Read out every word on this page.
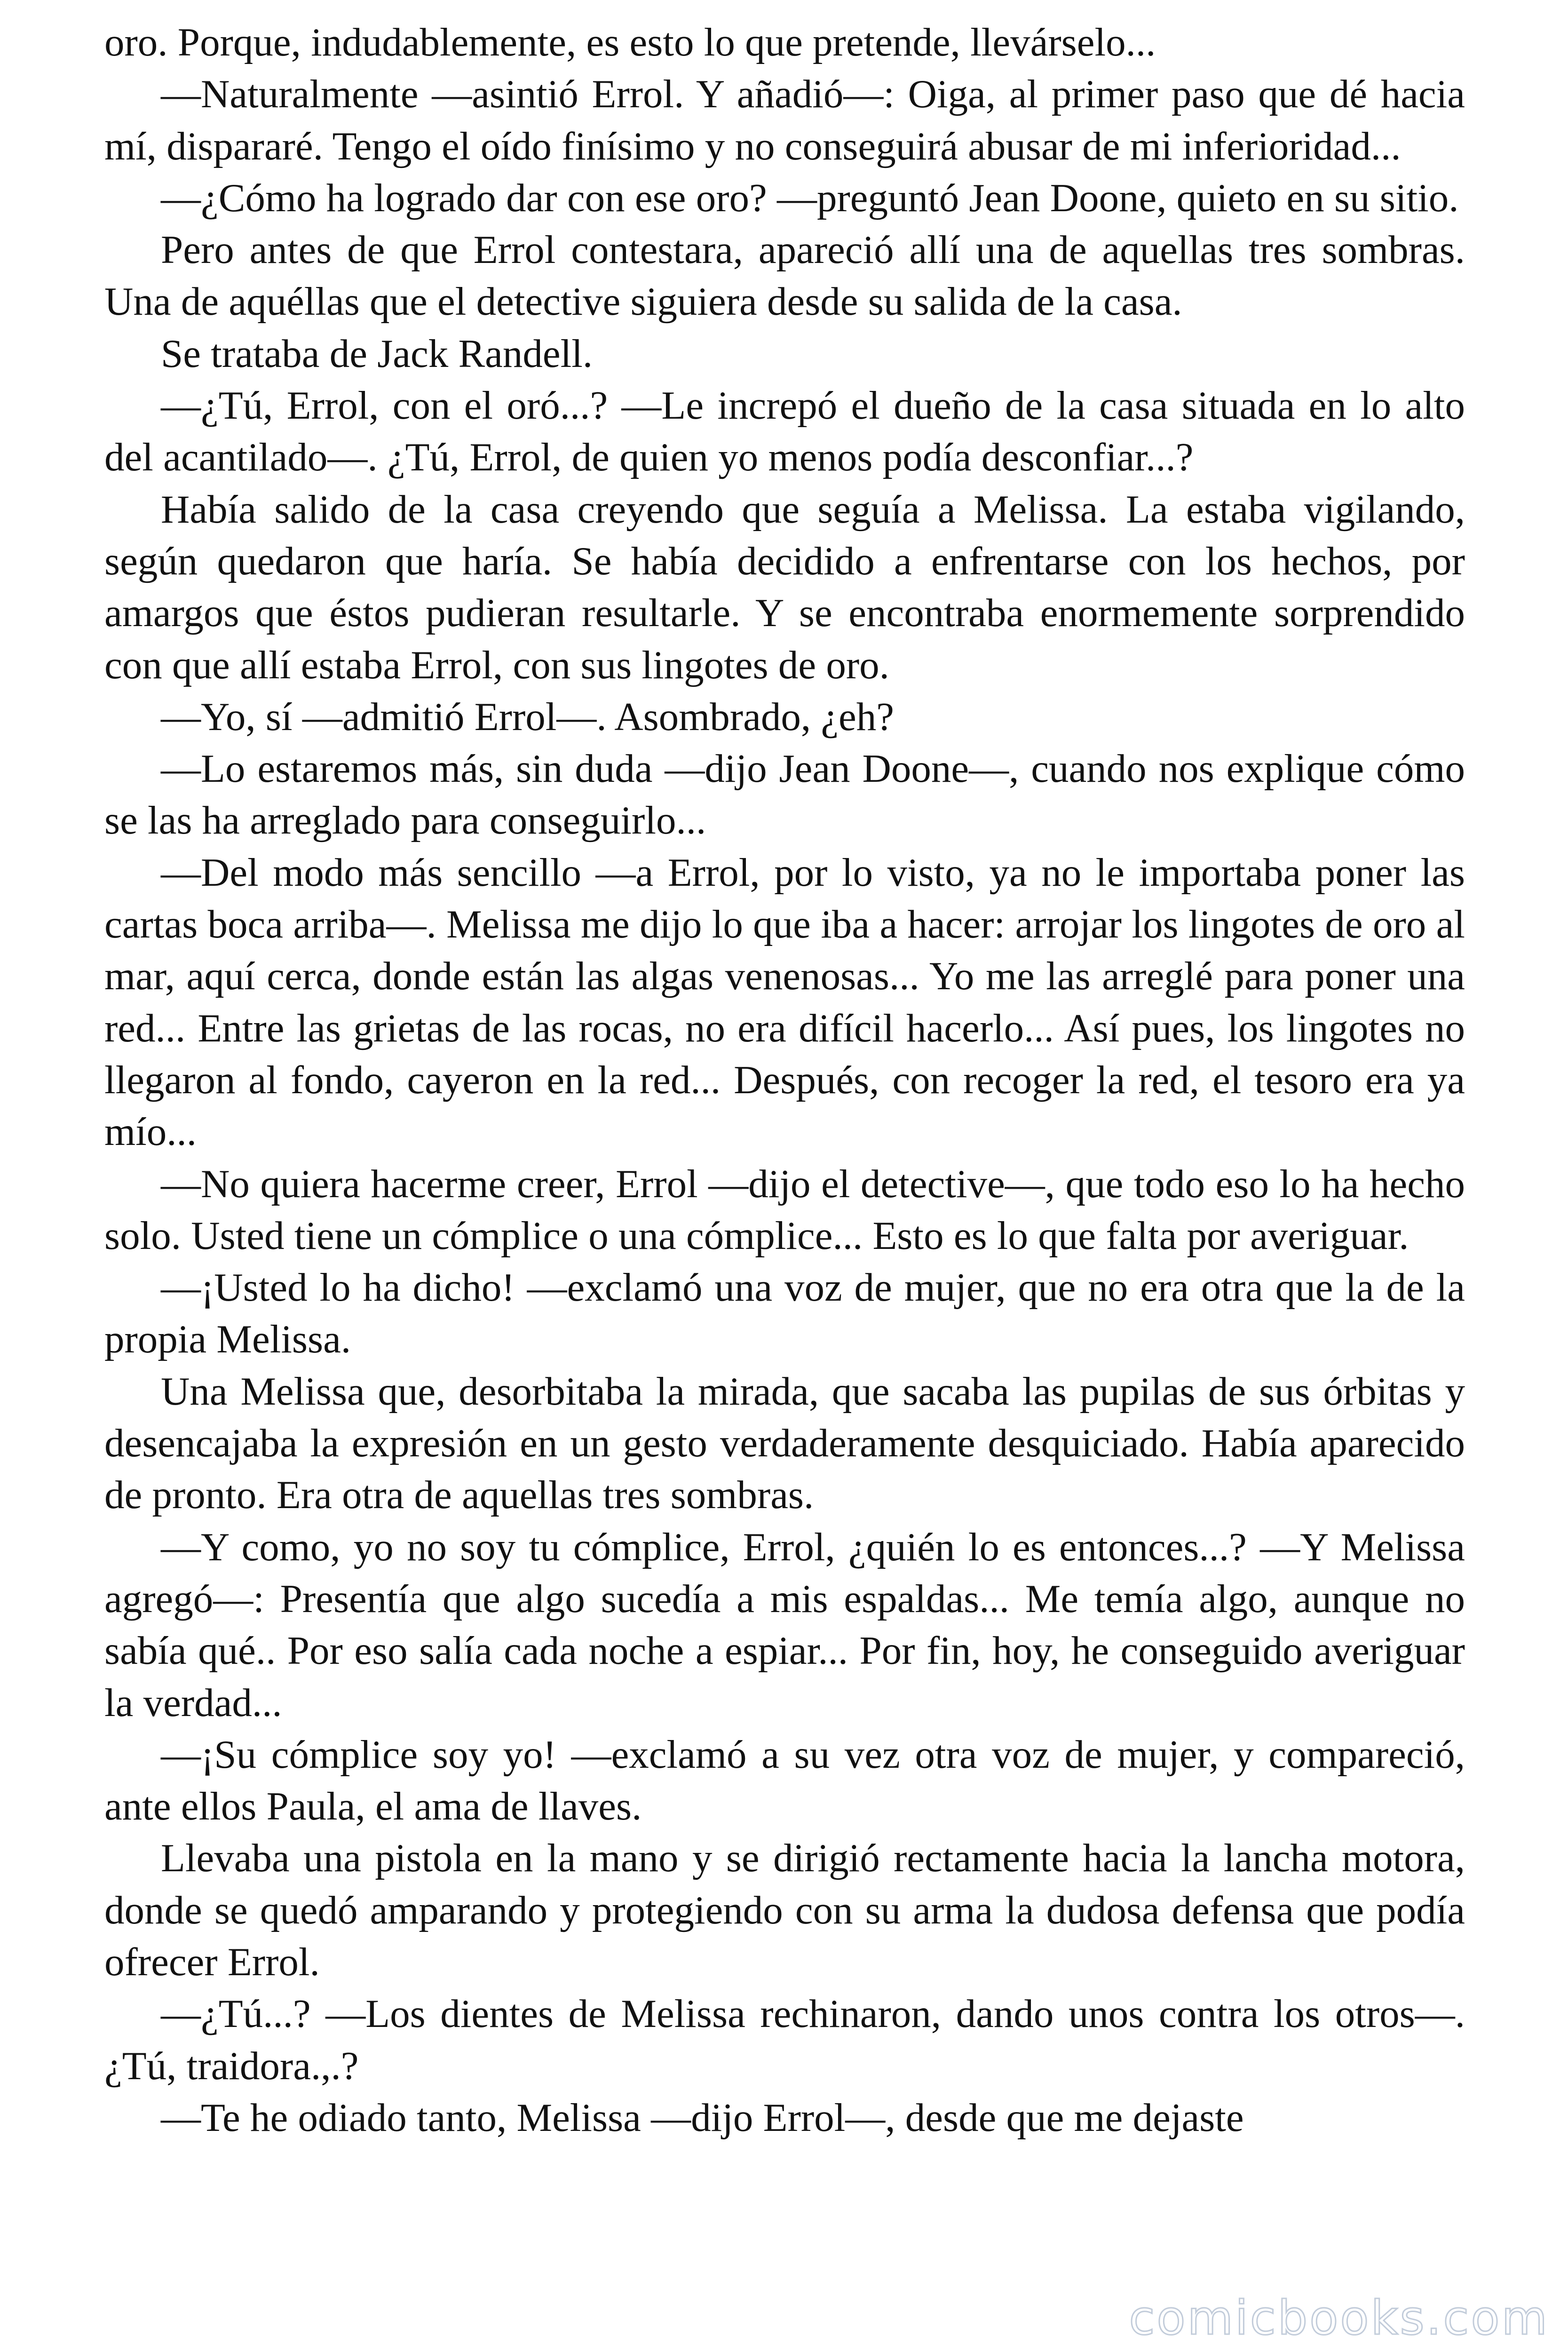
oro. Porque, indudablemente, es esto lo que pretende, llevárselo...

—Naturalmente —asintió Errol. Y añadió—: Oiga, al primer paso que dé hacia mí, dispararé. Tengo el oído finísimo y no conseguirá abusar de mi inferioridad...

—¿Cómo ha logrado dar con ese oro? —preguntó Jean Doone, quieto en su sitio.

Pero antes de que Errol contestara, apareció allí una de aquellas tres sombras. Una de aquéllas que el detective siguiera desde su salida de la casa.

Se trataba de Jack Randell.

—¿Tú, Errol, con el oró...? —Le increpó el dueño de la casa situada en lo alto del acantilado—. ¿Tú, Errol, de quien yo menos podía desconfiar...?

Había salido de la casa creyendo que seguía a Melissa. La estaba vigilando, según quedaron que haría. Se había decidido a enfrentarse con los hechos, por amargos que éstos pudieran resultarle. Y se encontraba enormemente sorprendido con que allí estaba Errol, con sus lingotes de oro.

—Yo, sí —admitió Errol—. Asombrado, ¿eh?

—Lo estaremos más, sin duda —dijo Jean Doone—, cuando nos explique cómo se las ha arreglado para conseguirlo...

—Del modo más sencillo —a Errol, por lo visto, ya no le importaba poner las cartas boca arriba—. Melissa me dijo lo que iba a hacer: arrojar los lingotes de oro al mar, aquí cerca, donde están las algas venenosas... Yo me las arreglé para poner una red... Entre las grietas de las rocas, no era difícil hacerlo... Así pues, los lingotes no llegaron al fondo, cayeron en la red... Después, con recoger la red, el tesoro era ya mío...

—No quiera hacerme creer, Errol —dijo el detective—, que todo eso lo ha hecho solo. Usted tiene un cómplice o una cómplice... Esto es lo que falta por averiguar.

—¡Usted lo ha dicho! —exclamó una voz de mujer, que no era otra que la de la propia Melissa.

Una Melissa que, desorbitaba la mirada, que sacaba las pupilas de sus órbitas y desencajaba la expresión en un gesto verdaderamente desquiciado. Había aparecido de pronto. Era otra de aquellas tres sombras.

—Y como, yo no soy tu cómplice, Errol, ¿quién lo es entonces...? —Y Melissa agregó—: Presentía que algo sucedía a mis espaldas... Me temía algo, aunque no sabía qué.. Por eso salía cada noche a espiar... Por fin, hoy, he conseguido averiguar la verdad...

—¡Su cómplice soy yo! —exclamó a su vez otra voz de mujer, y compareció, ante ellos Paula, el ama de llaves.

Llevaba una pistola en la mano y se dirigió rectamente hacia la lancha motora, donde se quedó amparando y protegiendo con su arma la dudosa defensa que podía ofrecer Errol.

—¿Tú...? —Los dientes de Melissa rechinaron, dando unos contra los otros—. ¿Tú, traidora.,.?

—Te he odiado tanto, Melissa —dijo Errol—, desde que me dejaste

comicbooks.com
